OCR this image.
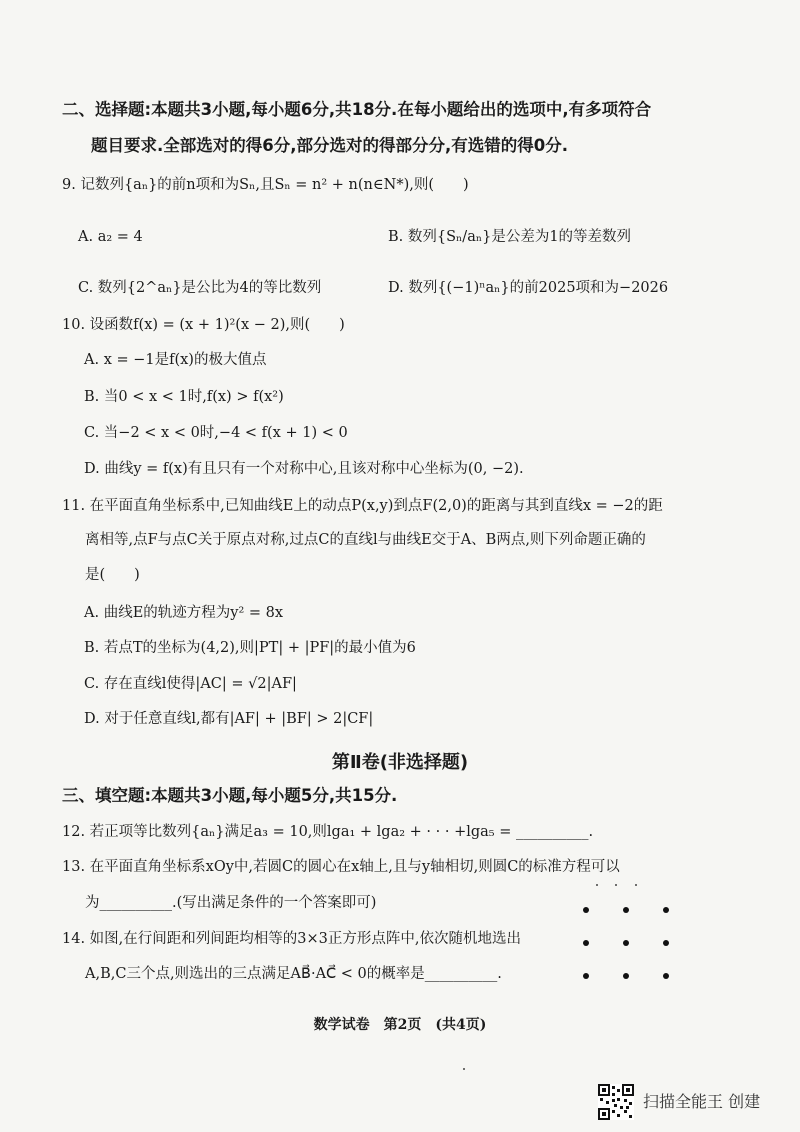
二、选择题:本题共3小题,每小题6分,共18分.在每小题给出的选项中,有多项符合
题目要求.全部选对的得6分,部分选对的得部分分,有选错的得0分.
9. 记数列{aₙ}的前n项和为Sₙ,且Sₙ = n² + n(n∈N*),则(　　)
A. a₂ = 4	B. 数列{Sₙ/aₙ}是公差为1的等差数列
C. 数列{2^aₙ}是公比为4的等比数列	D. 数列{(−1)ⁿaₙ}的前2025项和为−2026
10. 设函数f(x) = (x + 1)²(x − 2),则(　　)
A. x = −1是f(x)的极大值点
B. 当0 < x < 1时,f(x) > f(x²)
C. 当−2 < x < 0时,−4 < f(x + 1) < 0
D. 曲线y = f(x)有且只有一个对称中心,且该对称中心坐标为(0, −2).
11. 在平面直角坐标系中,已知曲线E上的动点P(x,y)到点F(2,0)的距离与其到直线x = −2的距
离相等,点F与点C关于原点对称,过点C的直线l与曲线E交于A、B两点,则下列命题正确的
是(　　)
A. 曲线E的轨迹方程为y² = 8x
B. 若点T的坐标为(4,2),则|PT| + |PF|的最小值为6
C. 存在直线l使得|AC| = √2|AF|
D. 对于任意直线l,都有|AF| + |BF| > 2|CF|
第Ⅱ卷(非选择题)
三、填空题:本题共3小题,每小题5分,共15分.
12. 若正项等比数列{aₙ}满足a₃ = 10,则lga₁ + lga₂ + · · · +lga₅ = __________.
13. 在平面直角坐标系xOy中,若圆C的圆心在x轴上,且与y轴相切,则圆C的标准方程可以
为__________.(写出满足条件的一个答案即可)
14. 如图,在行间距和列间距均相等的3×3正方形点阵中,依次随机地选出
A,B,C三个点,则选出的三点满足AB⃗·AC⃗ < 0的概率是__________.
数学试卷　第2页　(共4页)
扫描全能王 创建
